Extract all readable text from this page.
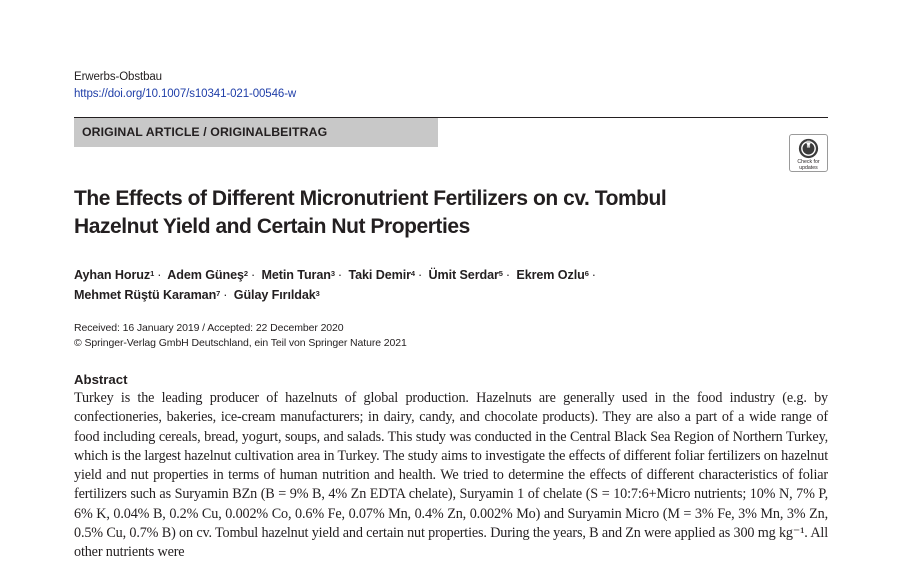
Erwerbs-Obstbau
https://doi.org/10.1007/s10341-021-00546-w
ORIGINAL ARTICLE / ORIGINALBEITRAG
Check for
updates
The Effects of Different Micronutrient Fertilizers on cv. Tombul
Hazelnut Yield and Certain Nut Properties

Ayhan Horuz$^1$ · Adem Güneş$^2$ · Metin Turan$^3$ · Taki Demir$^4$ · Ümit Serdar$^5$ · Ekrem Ozlu$^6$ ·
Mehmet Rüştü Karaman$^7$ · Gülay Fırıldak$^3$

Received: 16 January 2019 / Accepted: 22 December 2020
© Springer-Verlag GmbH Deutschland, ein Teil von Springer Nature 2021
Abstract

Turkey is the leading producer of hazelnuts of global production. Hazelnuts are generally used in the food industry (e.g. by confectioneries, bakeries, ice-cream manufacturers; in dairy, candy, and chocolate products). They are also a part of a wide range of food including cereals, bread, yogurt, soups, and salads. This study was conducted in the Central Black Sea Region of Northern Turkey, which is the largest hazelnut cultivation area in Turkey. The study aims to investigate the effects of different foliar fertilizers on hazelnut yield and nut properties in terms of human nutrition and health. We tried to determine the effects of different characteristics of foliar fertilizers such as Suryamin BZn (B = 9% B, 4% Zn EDTA chelate), Suryamin 1 of chelate (S = 10:7:6+Micro nutrients; 10% N, 7% P, 6% K, 0.04% B, 0.2% Cu, 0.002% Co, 0.6% Fe, 0.07% Mn, 0.4% Zn, 0.002% Mo) and Suryamin Micro (M = 3% Fe, 3% Mn, 3% Zn, 0.5% Cu, 0.7% B) on cv. Tombul hazelnut yield and certain nut properties. During the years, B and Zn were applied as 300 mg kg⁻¹. All other nutrients were
